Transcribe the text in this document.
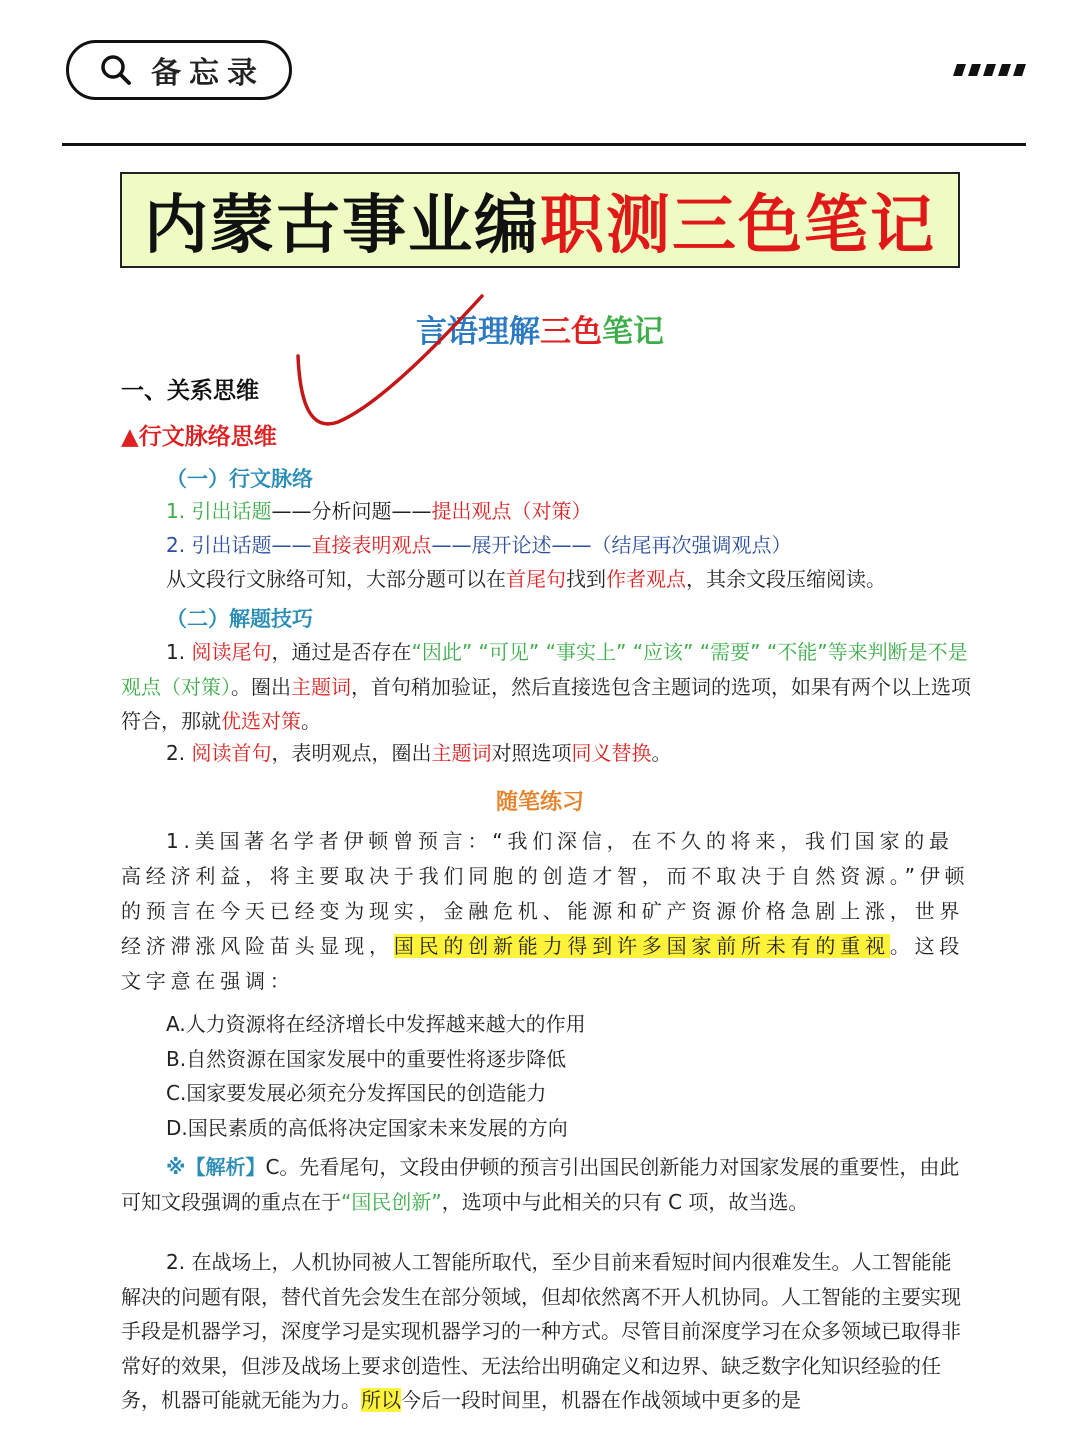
备忘录
内蒙古事业编 职测三色笔记
言语理解三色笔记
一、关系思维
▲行文脉络思维
（一）行文脉络
1. 引出话题——分析问题——提出观点（对策）
2. 引出话题——直接表明观点——展开论述——（结尾再次强调观点）
从文段行文脉络可知，大部分题可以在首尾句找到作者观点，其余文段压缩阅读。
（二）解题技巧
1. 阅读尾句，通过是否存在“因此” “可见” “事实上” “应该” “需要” “不能”等来判断是不是观点（对策）。圈出主题词，首句稍加验证，然后直接选包含主题词的选项，如果有两个以上选项符合，那就优选对策。
2. 阅读首句，表明观点，圈出主题词对照选项同义替换。
随笔练习
1.美国著名学者伊顿曾预言：“我们深信，在不久的将来，我们国家的最高经济利益，将主要取决于我们同胞的创造才智，而不取决于自然资源。”伊顿的预言在今天已经变为现实，金融危机、能源和矿产资源价格急剧上涨，世界经济滞涨风险苗头显现，国民的创新能力得到许多国家前所未有的重视。这段文字意在强调：
A.人力资源将在经济增长中发挥越来越大的作用
B.自然资源在国家发展中的重要性将逐步降低
C.国家要发展必须充分发挥国民的创造能力
D.国民素质的高低将决定国家未来发展的方向
※【解析】C。先看尾句，文段由伊顿的预言引出国民创新能力对国家发展的重要性，由此可知文段强调的重点在于“国民创新”，选项中与此相关的只有 C 项，故当选。
2. 在战场上，人机协同被人工智能所取代，至少目前来看短时间内很难发生。人工智能能解决的问题有限，替代首先会发生在部分领域，但却依然离不开人机协同。人工智能的主要实现手段是机器学习，深度学习是实现机器学习的一种方式。尽管目前深度学习在众多领域已取得非常好的效果，但涉及战场上要求创造性、无法给出明确定义和边界、缺乏数字化知识经验的任务，机器可能就无能为力。所以今后一段时间里，机器在作战领域中更多的是
